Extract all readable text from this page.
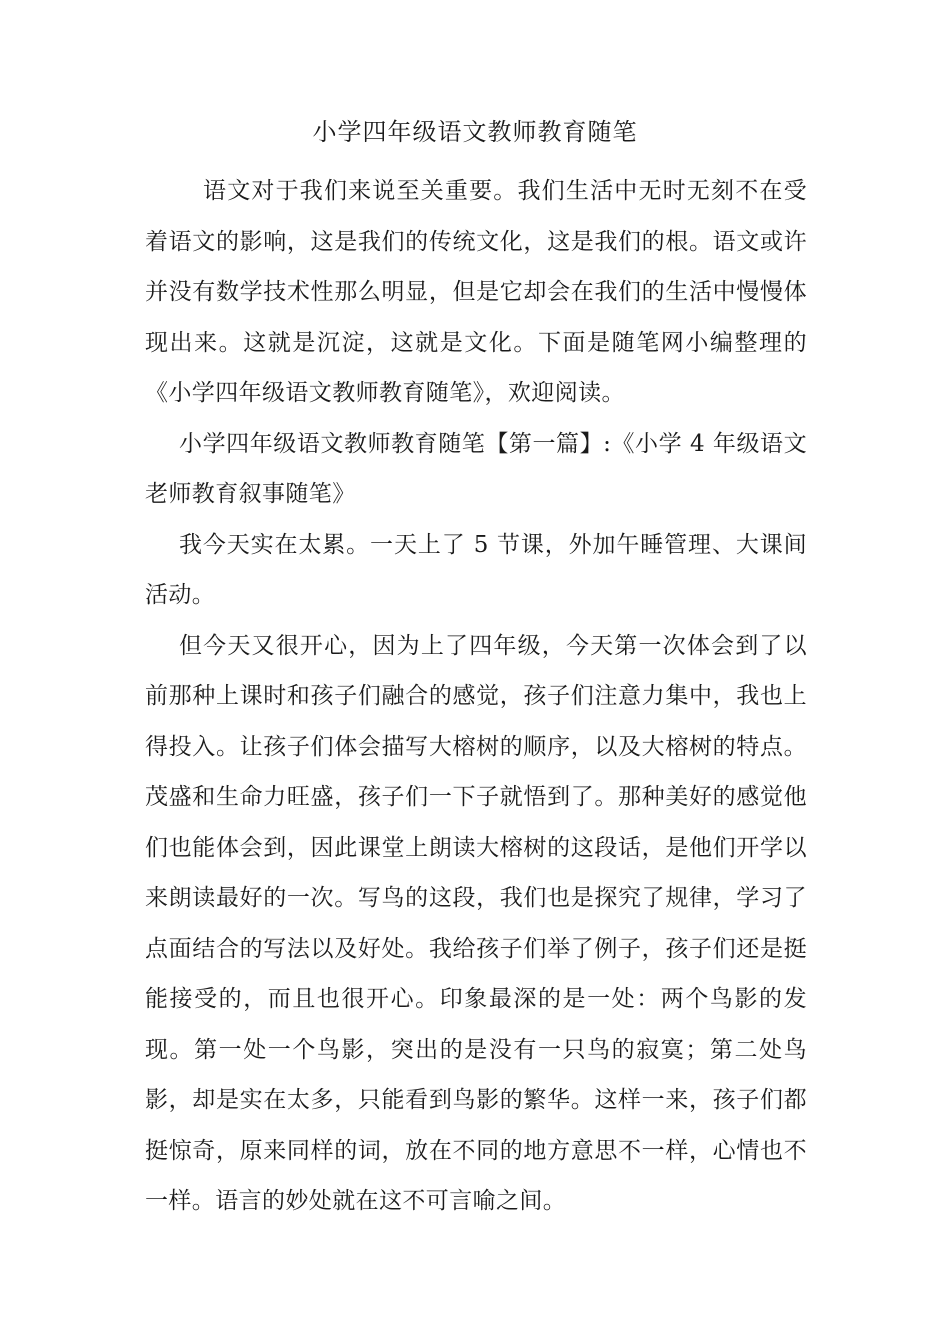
小学四年级语文教师教育随笔

语文对于我们来说至关重要。我们生活中无时无刻不在受着语文的影响，这是我们的传统文化，这是我们的根。语文或许并没有数学技术性那么明显，但是它却会在我们的生活中慢慢体现出来。这就是沉淀，这就是文化。下面是随笔网小编整理的《小学四年级语文教师教育随笔》，欢迎阅读。

小学四年级语文教师教育随笔【第一篇】:《小学 4 年级语文老师教育叙事随笔》

我今天实在太累。一天上了 5 节课，外加午睡管理、大课间活动。

但今天又很开心，因为上了四年级，今天第一次体会到了以前那种上课时和孩子们融合的感觉，孩子们注意力集中，我也上得投入。让孩子们体会描写大榕树的顺序，以及大榕树的特点。茂盛和生命力旺盛，孩子们一下子就悟到了。那种美好的感觉他们也能体会到，因此课堂上朗读大榕树的这段话，是他们开学以来朗读最好的一次。写鸟的这段，我们也是探究了规律，学习了点面结合的写法以及好处。我给孩子们举了例子，孩子们还是挺能接受的，而且也很开心。印象最深的是一处：两个鸟影的发现。第一处一个鸟影，突出的是没有一只鸟的寂寞；第二处鸟影，却是实在太多，只能看到鸟影的繁华。这样一来，孩子们都挺惊奇，原来同样的词，放在不同的地方意思不一样，心情也不一样。语言的妙处就在这不可言喻之间。
